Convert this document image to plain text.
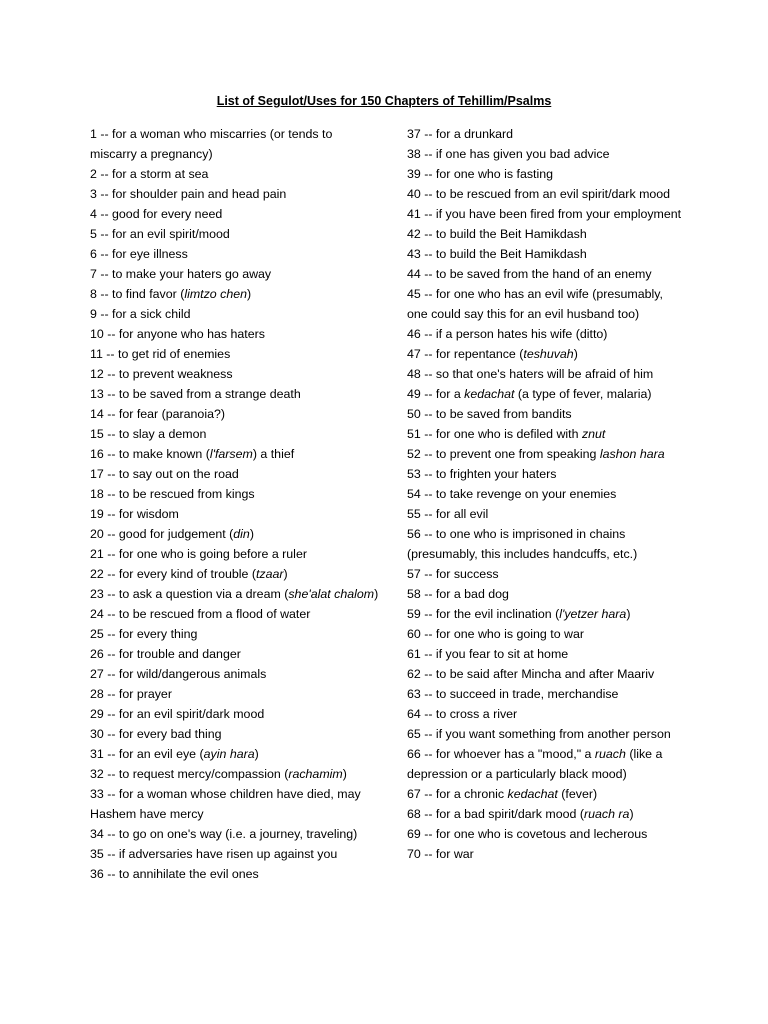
List of Segulot/Uses for 150 Chapters of Tehillim/Psalms
1 -- for a woman who miscarries (or tends to miscarry a pregnancy)
2 -- for a storm at sea
3 -- for shoulder pain and head pain
4 -- good for every need
5 -- for an evil spirit/mood
6 -- for eye illness
7 -- to make your haters go away
8 -- to find favor (limtzo chen)
9 -- for a sick child
10 -- for anyone who has haters
11 -- to get rid of enemies
12 -- to prevent weakness
13 -- to be saved from a strange death
14 -- for fear (paranoia?)
15 -- to slay a demon
16 -- to make known (l'farsem) a thief
17 -- to say out on the road
18 -- to be rescued from kings
19 -- for wisdom
20 -- good for judgement (din)
21 -- for one who is going before a ruler
22 -- for every kind of trouble (tzaar)
23 -- to ask a question via a dream (she'alat chalom)
24 -- to be rescued from a flood of water
25 -- for every thing
26 -- for trouble and danger
27 -- for wild/dangerous animals
28 -- for prayer
29 -- for an evil spirit/dark mood
30 -- for every bad thing
31 -- for an evil eye (ayin hara)
32 -- to request mercy/compassion (rachamim)
33 -- for a woman whose children have died, may Hashem have mercy
34 -- to go on one's way (i.e. a journey, traveling)
35 -- if adversaries have risen up against you
36 -- to annihilate the evil ones
37 -- for a drunkard
38 -- if one has given you bad advice
39 -- for one who is fasting
40 -- to be rescued from an evil spirit/dark mood
41 -- if you have been fired from your employment
42 -- to build the Beit Hamikdash
43 -- to build the Beit Hamikdash
44 -- to be saved from the hand of an enemy
45 -- for one who has an evil wife (presumably, one could say this for an evil husband too)
46 -- if a person hates his wife (ditto)
47 -- for repentance (teshuvah)
48 -- so that one's haters will be afraid of him
49 -- for a kedachat (a type of fever, malaria)
50 -- to be saved from bandits
51 -- for one who is defiled with znut
52 -- to prevent one from speaking lashon hara
53 -- to frighten your haters
54 -- to take revenge on your enemies
55 -- for all evil
56 -- to one who is imprisoned in chains (presumably, this includes handcuffs, etc.)
57 -- for success
58 -- for a bad dog
59 -- for the evil inclination (l'yetzer hara)
60 -- for one who is going to war
61 -- if you fear to sit at home
62 -- to be said after Mincha and after Maariv
63 -- to succeed in trade, merchandise
64 -- to cross a river
65 -- if you want something from another person
66 -- for whoever has a "mood," a ruach (like a depression or a particularly black mood)
67 -- for a chronic kedachat (fever)
68 -- for a bad spirit/dark mood (ruach ra)
69 -- for one who is covetous and lecherous
70 -- for war
